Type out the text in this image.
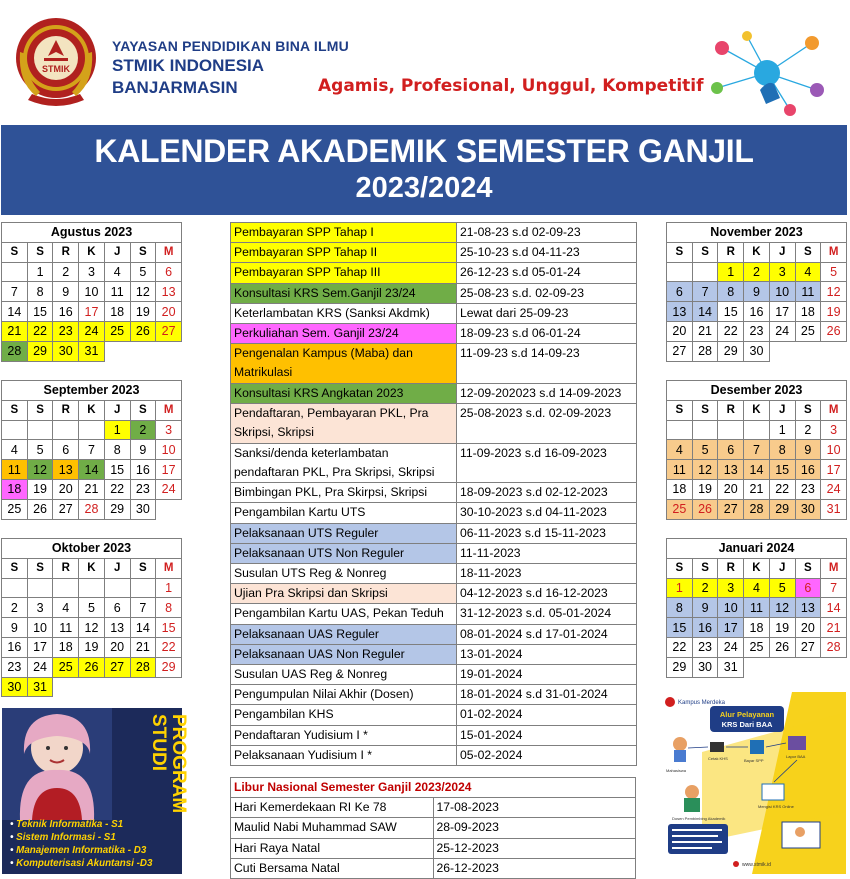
STMIK
YAYASAN PENDIDIKAN BINA ILMU
STMIK INDONESIA
BANJARMASIN	Agamis, Profesional, Unggul, Kompetitif
KALENDER AKADEMIK SEMESTER GANJIL
2023/2024
Agustus 2023						
S	S	R	K	J	S	M
	1	2	3	4	5	6
7	8	9	10	11	12	13
14	15	16	17	18	19	20
21	22	23	24	25	26	27
28	29	30	31			
September 2023						
S	S	R	K	J	S	M
				1	2	3
4	5	6	7	8	9	10
11	12	13	14	15	16	17
18	19	20	21	22	23	24
25	26	27	28	29	30	
Oktober 2023						
S	S	R	K	J	S	M
						1
2	3	4	5	6	7	8
9	10	11	12	13	14	15
16	17	18	19	20	21	22
23	24	25	26	27	28	29
30	31					
November 2023						
S	S	R	K	J	S	M
		1	2	3	4	5
6	7	8	9	10	11	12
13	14	15	16	17	18	19
20	21	22	23	24	25	26
27	28	29	30			
Desember 2023						
S	S	R	K	J	S	M
				1	2	3
4	5	6	7	8	9	10
11	12	13	14	15	16	17
18	19	20	21	22	23	24
25	26	27	28	29	30	31
Januari 2024						
S	S	R	K	J	S	M
1	2	3	4	5	6	7
8	9	10	11	12	13	14
15	16	17	18	19	20	21
22	23	24	25	26	27	28
29	30	31				
Pembayaran SPP Tahap I	21-08-23 s.d 02-09-23
Pembayaran SPP Tahap II	25-10-23 s.d 04-11-23
Pembayaran SPP Tahap III	26-12-23 s.d 05-01-24
Konsultasi KRS Sem.Ganjil 23/24	25-08-23 s.d. 02-09-23
Keterlambatan KRS (Sanksi Akdmk)	Lewat dari 25-09-23
Perkuliahan Sem. Ganjil 23/24	18-09-23 s.d 06-01-24
Pengenalan Kampus (Maba) dan Matrikulasi	11-09-23 s.d 14-09-23
Konsultasi KRS Angkatan 2023	12-09-202023 s.d 14-09-2023
Pendaftaran, Pembayaran PKL, Pra Skripsi, Skripsi	25-08-2023 s.d. 02-09-2023
Sanksi/denda keterlambatan pendaftaran PKL, Pra Skripsi, Skripsi	11-09-2023 s.d 16-09-2023
Bimbingan PKL, Pra Skirpsi, Skripsi	18-09-2023 s.d 02-12-2023
Pengambilan Kartu UTS	30-10-2023 s.d 04-11-2023
Pelaksanaan UTS Reguler	06-11-2023 s.d 15-11-2023
Pelaksanaan UTS Non Reguler	11-11-2023
Susulan UTS Reg & Nonreg	18-11-2023
Ujian Pra Skripsi dan Skripsi	04-12-2023 s.d 16-12-2023
Pengambilan Kartu UAS, Pekan Teduh	31-12-2023 s.d. 05-01-2024
Pelaksanaan UAS Reguler	08-01-2024 s.d 17-01-2024
Pelaksanaan UAS Non Reguler	13-01-2024
Susulan UAS Reg & Nonreg	19-01-2024
Pengumpulan Nilai Akhir (Dosen)	18-01-2024 s.d 31-01-2024
Pengambilan KHS	01-02-2024
Pendaftaran Yudisium I *	15-01-2024
Pelaksanaan Yudisium I *	05-02-2024
Libur Nasional Semester Ganjil 2023/2024	
Hari Kemerdekaan RI Ke 78	17-08-2023
Maulid Nabi Muhammad SAW	28-09-2023
Hari Raya Natal	25-12-2023
Cuti Bersama Natal	26-12-2023
PROGRAM STUDI
• Teknik Informatika - S1
• Sistem Informasi - S1
• Manajemen Informatika - D3
• Komputerisasi Akuntansi -D3
Kampus Merdeka
Alur Pelayanan
KRS Dari BAA
Mahasiswa
Cetak KHS	Bayar SPP
Lapor BAA
Dosen Pembimbing Akademik
Mengisi KRS Online
www.stmik.id
